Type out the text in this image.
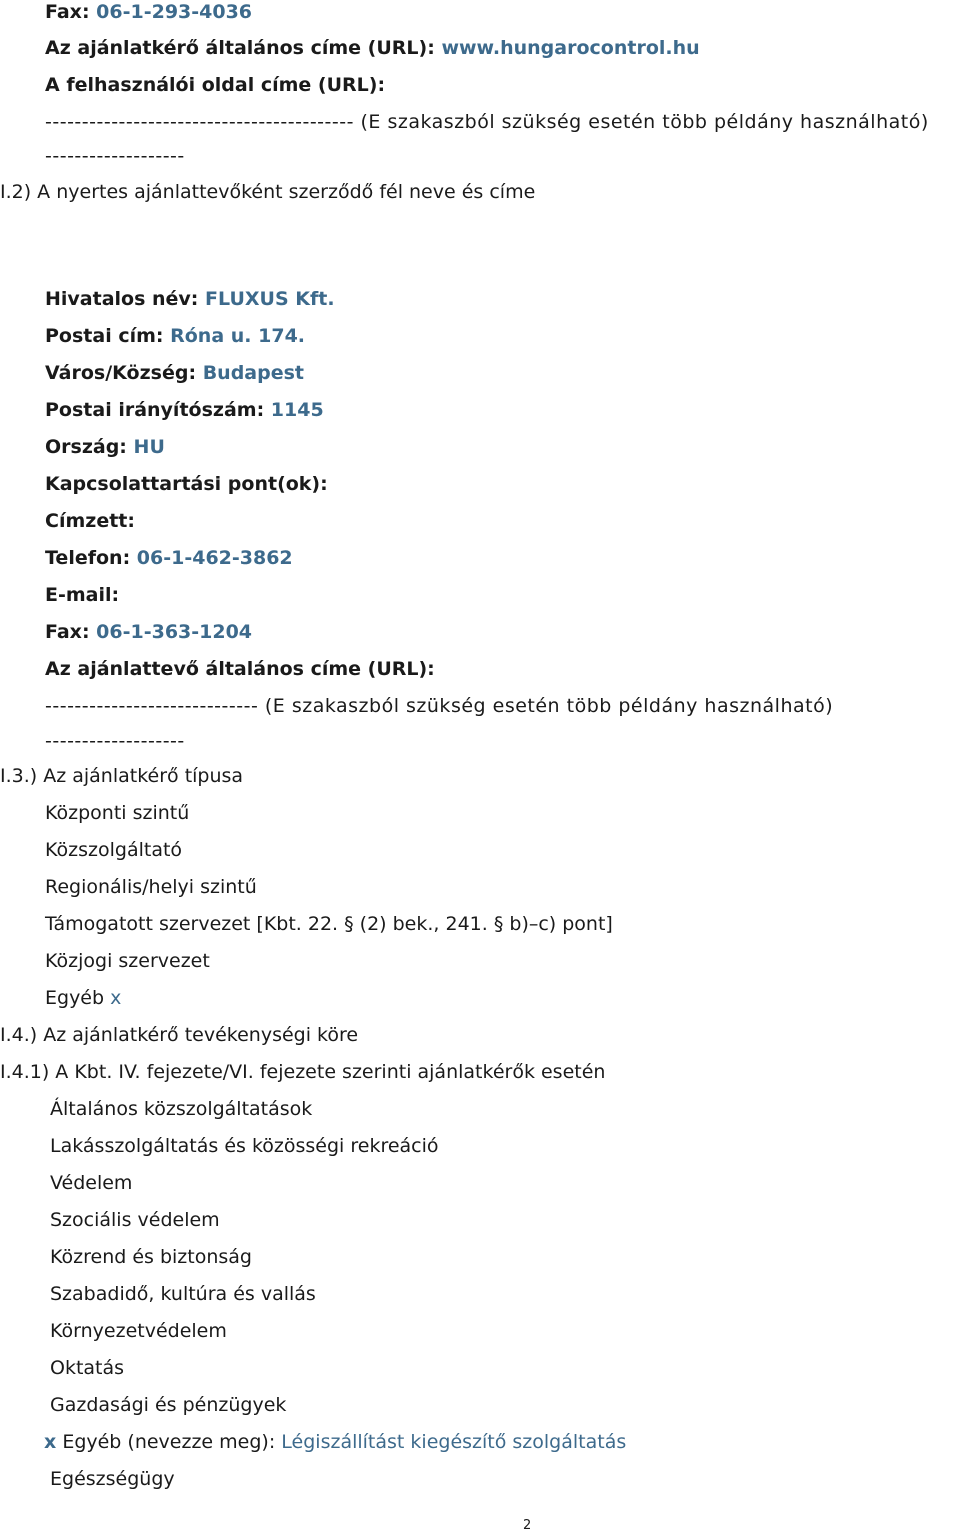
Fax: 06-1-293-4036
Az ajánlatkérő általános címe (URL): www.hungarocontrol.hu
A felhasználói oldal címe (URL):
------------------------------------------ (E szakaszból szükség esetén több példány használható)
-------------------
I.2) A nyertes ajánlattevőként szerződő fél neve és címe
Hivatalos név: FLUXUS Kft.
Postai cím: Róna u. 174.
Város/Község: Budapest
Postai irányítószám: 1145
Ország: HU
Kapcsolattartási pont(ok):
Címzett:
Telefon: 06-1-462-3862
E-mail:
Fax: 06-1-363-1204
Az ajánlattevő általános címe (URL):
----------------------------- (E szakaszból szükség esetén több példány használható)
-------------------
I.3.) Az ajánlatkérő típusa
Központi szintű
Közszolgáltató
Regionális/helyi szintű
Támogatott szervezet [Kbt. 22. § (2) bek., 241. § b)–c) pont]
Közjogi szervezet
Egyéb x
I.4.) Az ajánlatkérő tevékenységi köre
I.4.1) A Kbt. IV. fejezete/VI. fejezete szerinti ajánlatkérők esetén
Általános közszolgáltatások
Lakásszolgáltatás és közösségi rekreáció
Védelem
Szociális védelem
Közrend és biztonság
Szabadidő, kultúra és vallás
Környezetvédelem
Oktatás
Gazdasági és pénzügyek
x Egyéb (nevezze meg): Légiszállítást kiegészítő szolgáltatás
Egészségügy
2
